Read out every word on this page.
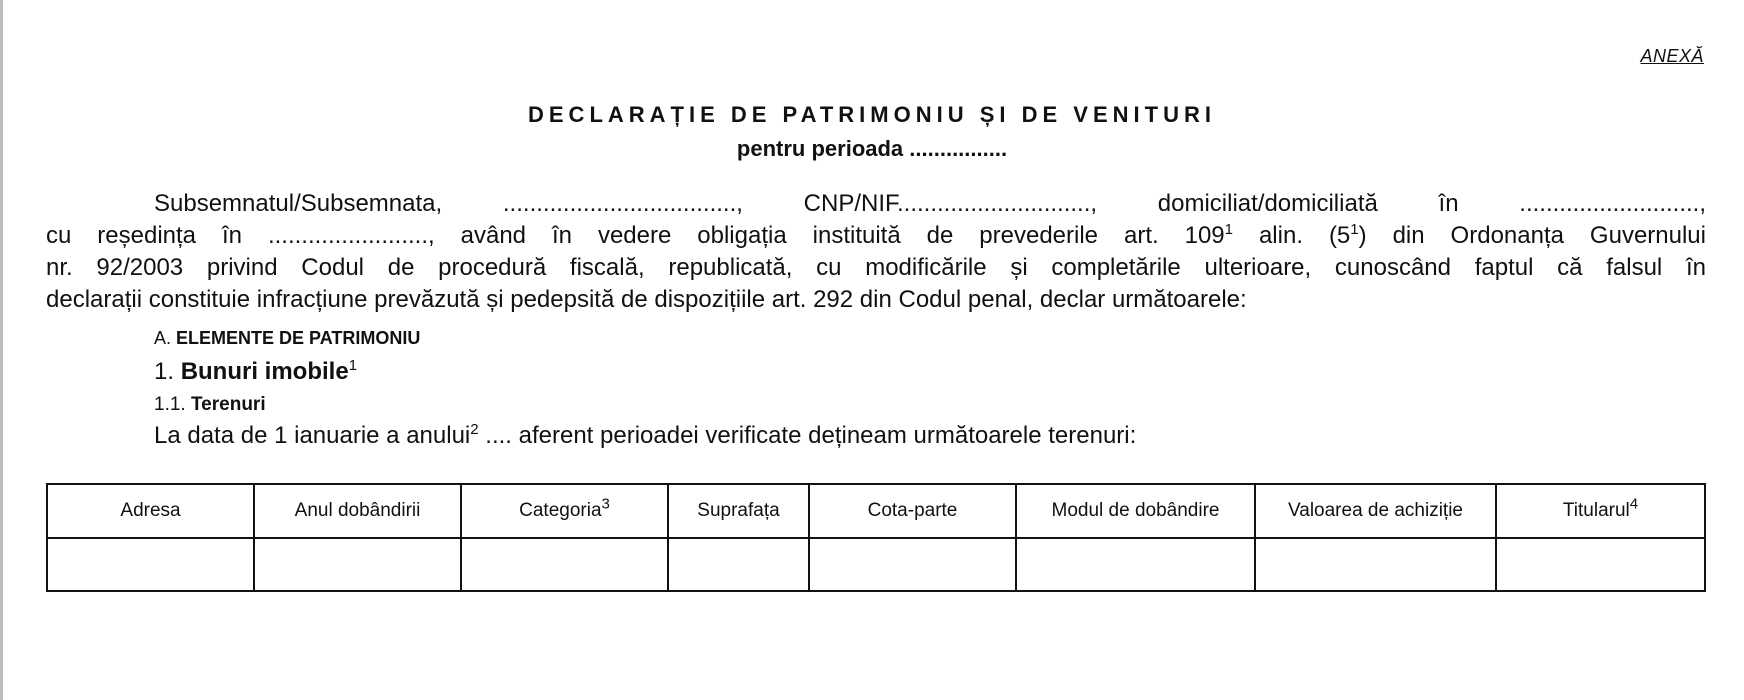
ANEXĂ
DECLARAȚIE DE PATRIMONIU ȘI DE VENITURI
pentru perioada ................
Subsemnatul/Subsemnata, ..................................., CNP/NIF............................., domiciliat/domiciliată în ...........................,
cu reședința în ........................, având în vedere obligația instituită de prevederile art. $109^1$ alin. $(5^1)$ din Ordonanța Guvernului
nr. 92/2003 privind Codul de procedură fiscală, republicată, cu modificările și completările ulterioare, cunoscând faptul că falsul în
declarații constituie infracțiune prevăzută și pedepsită de dispozițiile art. 292 din Codul penal, declar următoarele:
A. ELEMENTE DE PATRIMONIU
1. Bunuri imobile$^1$
1.1. Terenuri
La data de 1 ianuarie a anului$^2$ .... aferent perioadei verificate dețineam următoarele terenuri:
Adresa	Anul dobândirii	Categoria$^3$	Suprafața	Cota-parte	Modul de dobândire	Valoarea de achiziție	Titularul$^4$
